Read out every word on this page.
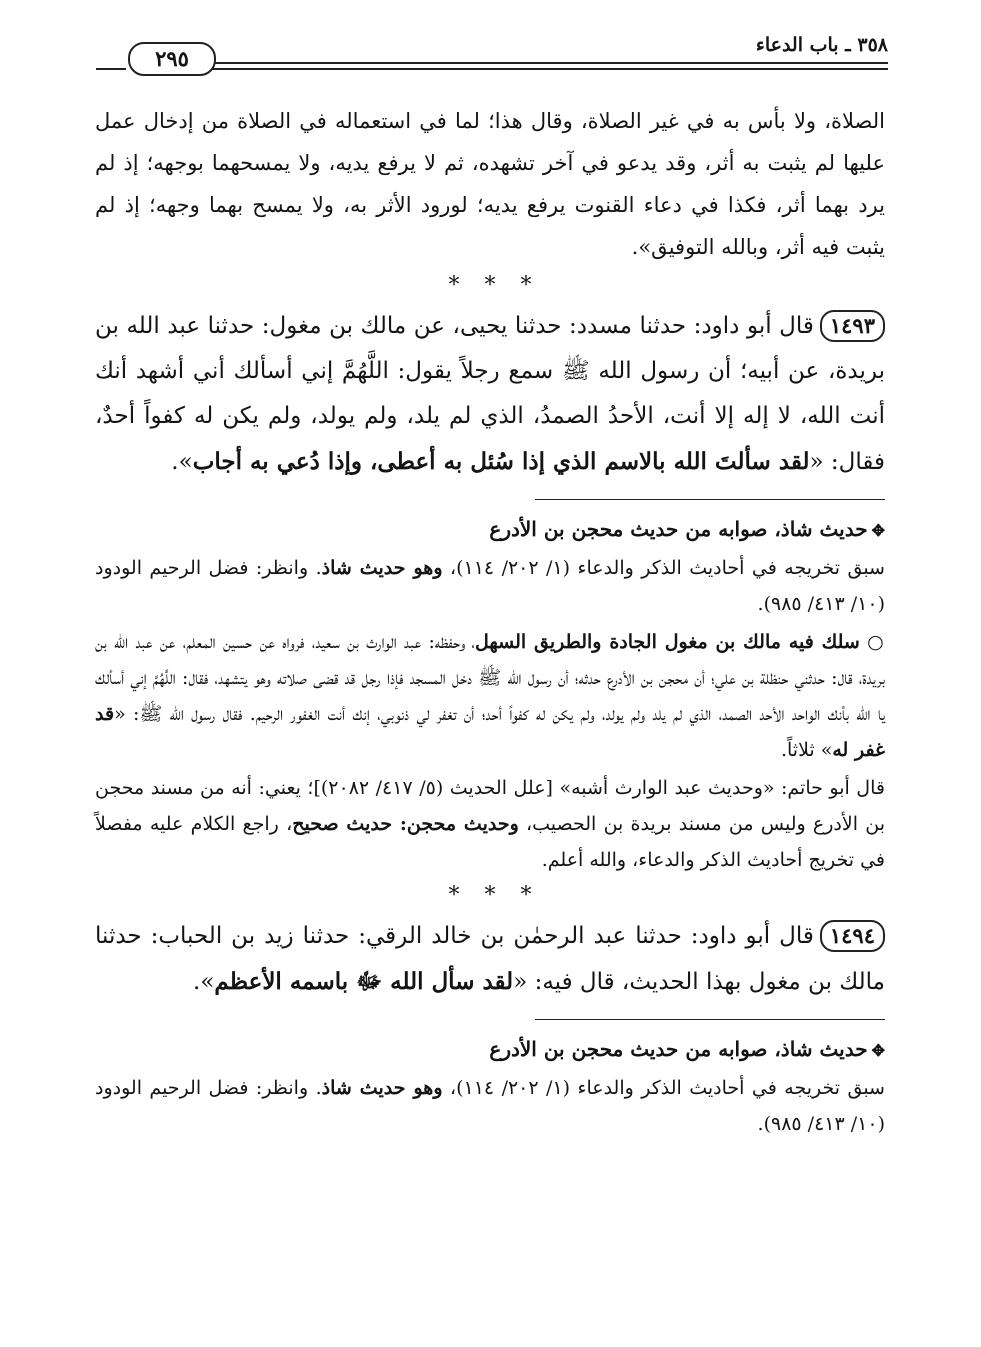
٣٥٨ ـ باب الدعاء
٢٩٥

الصلاة، ولا بأس به في غير الصلاة، وقال هذا؛ لما في استعماله في الصلاة من إدخال عمل عليها لم يثبت به أثر، وقد يدعو في آخر تشهده، ثم لا يرفع يديه، ولا يمسحهما بوجهه؛ إذ لم يرد بهما أثر، فكذا في دعاء القنوت يرفع يديه؛ لورود الأثر به، ولا يمسح بهما وجهه؛ إذ لم يثبت فيه أثر، وبالله التوفيق».

* * *

١٤٩٣قال أبو داود: حدثنا مسدد: حدثنا يحيى، عن مالك بن مغول: حدثنا عبد الله بن بريدة، عن أبيه؛ أن رسول الله ﷺ سمع رجلاً يقول: اللَّهُمَّ إني أسألك أني أشهد أنك أنت الله، لا إله إلا أنت، الأحدُ الصمدُ، الذي لم يلد، ولم يولد، ولم يكن له كفواً أحدٌ، فقال: «لقد سألتَ الله بالاسم الذي إذا سُئل به أعطى، وإذا دُعي به أجاب».

✥حديث شاذ، صوابه من حديث محجن بن الأدرع

سبق تخريجه في أحاديث الذكر والدعاء (١/ ٢٠٢/ ١١٤)، وهو حديث شاذ. وانظر: فضل الرحيم الودود (١٠/ ٤١٣/ ٩٨٥).

○ سلك فيه مالك بن مغول الجادة والطريق السهل، وحفظه: عبد الوارث بن سعيد، فرواه عن حسين المعلم، عن عبد الله بن بريدة، قال: حدثني حنظلة بن علي؛ أن محجن بن الأدرع حدثه؛ أن رسول الله ﷺ دخل المسجد فإذا رجل قد قضى صلاته وهو يتشهد، فقال: اللَّهُمَّ إني أسألك يا الله بأنك الواحد الأحد الصمد، الذي لم يلد ولم يولد، ولم يكن له كفواً أحد؛ أن تغفر لي ذنوبي، إنك أنت الغفور الرحيم. فقال رسول الله ﷺ: «قد غفر له» ثلاثاً.

قال أبو حاتم: «وحديث عبد الوارث أشبه» [علل الحديث (٥/ ٤١٧/ ٢٠٨٢)]؛ يعني: أنه من مسند محجن بن الأدرع وليس من مسند بريدة بن الحصيب، وحديث محجن: حديث صحيح، راجع الكلام عليه مفصلاً في تخريج أحاديث الذكر والدعاء، والله أعلم.

* * *

١٤٩٤قال أبو داود: حدثنا عبد الرحمٰن بن خالد الرقي: حدثنا زيد بن الحباب: حدثنا مالك بن مغول بهذا الحديث، قال فيه: «لقد سأل الله ﷻ باسمه الأعظم».

✥حديث شاذ، صوابه من حديث محجن بن الأدرع

سبق تخريجه في أحاديث الذكر والدعاء (١/ ٢٠٢/ ١١٤)، وهو حديث شاذ. وانظر: فضل الرحيم الودود (١٠/ ٤١٣/ ٩٨٥).
